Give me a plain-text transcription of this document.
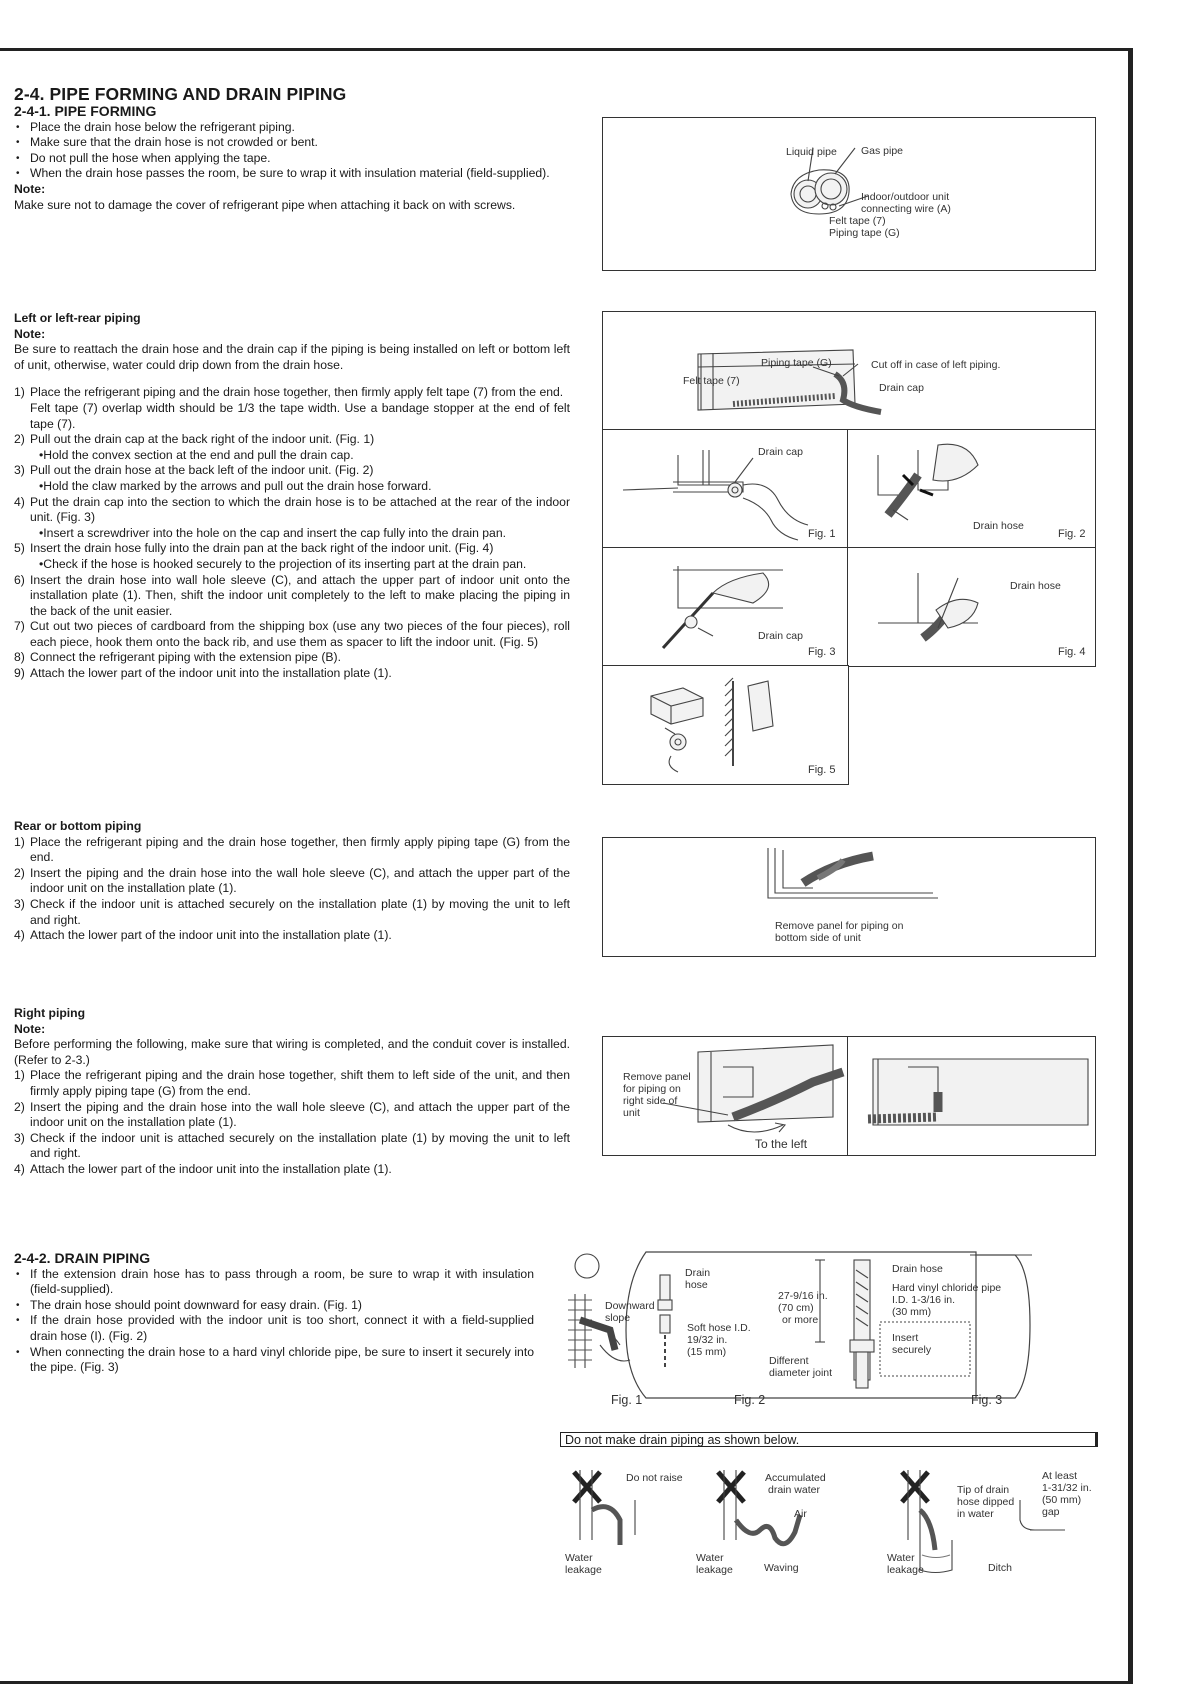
2-4. PIPE FORMING AND DRAIN PIPING
2-4-1. PIPE FORMING
• Place the drain hose below the refrigerant piping.
• Make sure that the drain hose is not crowded or bent.
• Do not pull the hose when applying the tape.
• When the drain hose passes the room, be sure to wrap it with insulation material (field-supplied).

Note:

Make sure not to damage the cover of refrigerant pipe when attaching it back on with screws.

Liquid pipe Gas pipe
Indoor/outdoor unit
connecting wire (A)
Felt tape (7)
Piping tape (G)

Left or left-rear piping

Note:

Be sure to reattach the drain hose and the drain cap if the piping is being installed on left or bottom left of unit, otherwise, water could drip down from the drain hose.

1) Place the refrigerant piping and the drain hose together, then firmly apply felt tape (7) from the end.
Felt tape (7) overlap width should be 1/3 the tape width. Use a bandage stopper at the end of felt tape (7).
2) Pull out the drain cap at the back right of the indoor unit. (Fig. 1)
• Hold the convex section at the end and pull the drain cap.
3) Pull out the drain hose at the back left of the indoor unit. (Fig. 2)
• Hold the claw marked by the arrows and pull out the drain hose forward.
4) Put the drain cap into the section to which the drain hose is to be attached at the rear of the indoor unit. (Fig. 3)
• Insert a screwdriver into the hole on the cap and insert the cap fully into the drain pan.
5) Insert the drain hose fully into the drain pan at the back right of the indoor unit. (Fig. 4)
• Check if the hose is hooked securely to the projection of its inserting part at the drain pan.
6) Insert the drain hose into wall hole sleeve (C), and attach the upper part of indoor unit onto the installation plate (1). Then, shift the indoor unit completely to the left to make placing the piping in the back of the unit easier.
7) Cut out two pieces of cardboard from the shipping box (use any two pieces of the four pieces), roll each piece, hook them onto the back rib, and use them as spacer to lift the indoor unit. (Fig. 5)
8) Connect the refrigerant piping with the extension pipe (B).
9) Attach the lower part of the indoor unit into the installation plate (1).
Piping tape (G)
Felt tape (7)
Cut off in case of left piping.
Drain cap
Drain cap
Fig. 1
Drain hose
Fig. 2
Drain cap
Fig. 3
Drain hose
Fig. 4
Fig. 5

Rear or bottom piping

1) Place the refrigerant piping and the drain hose together, then firmly apply piping tape (G) from the end.
2) Insert the piping and the drain hose into the wall hole sleeve (C), and attach the upper part of the indoor unit on the installation plate (1).
3) Check if the indoor unit is attached securely on the installation plate (1) by moving the unit to left and right.
4) Attach the lower part of the indoor unit into the installation plate (1).
Remove panel for piping on
bottom side of unit

Right piping

Note:

Before performing the following, make sure that wiring is completed, and the conduit cover is installed. (Refer to 2-3.)

1) Place the refrigerant piping and the drain hose together, shift them to left side of the unit, and then firmly apply piping tape (G) from the end.
2) Insert the piping and the drain hose into the wall hole sleeve (C), and attach the upper part of the indoor unit on the installation plate (1).
3) Check if the indoor unit is attached securely on the installation plate (1) by moving the unit to left and right.
4) Attach the lower part of the indoor unit into the installation plate (1).
Remove panel
for piping on
right side of
unit
To the left
2-4-2. DRAIN PIPING
• If the extension drain hose has to pass through a room, be sure to wrap it with insulation (field-supplied).
• The drain hose should point downward for easy drain. (Fig. 1)
• If the drain hose provided with the indoor unit is too short, connect it with a field-supplied drain hose (I). (Fig. 2)
• When connecting the drain hose to a hard vinyl chloride pipe, be sure to insert it securely into the pipe. (Fig. 3)
Downward
slope
Fig. 1
Drain
hose
Soft hose I.D.
19/32 in.
(15 mm)
Fig. 2
27-9/16 in.
(70 cm)
or more
Different
diameter joint
Drain hose
Hard vinyl chloride pipe
I.D. 1-3/16 in.
(30 mm)
Insert
securely
Fig. 3
Do not make drain piping as shown below.
Do not raise
Water
leakage
Accumulated
drain water
Air
Water
leakage	Waving
Tip of drain
hose dipped
in water
At least
1-31/32 in.
(50 mm)
gap
Water
leakage	Ditch
